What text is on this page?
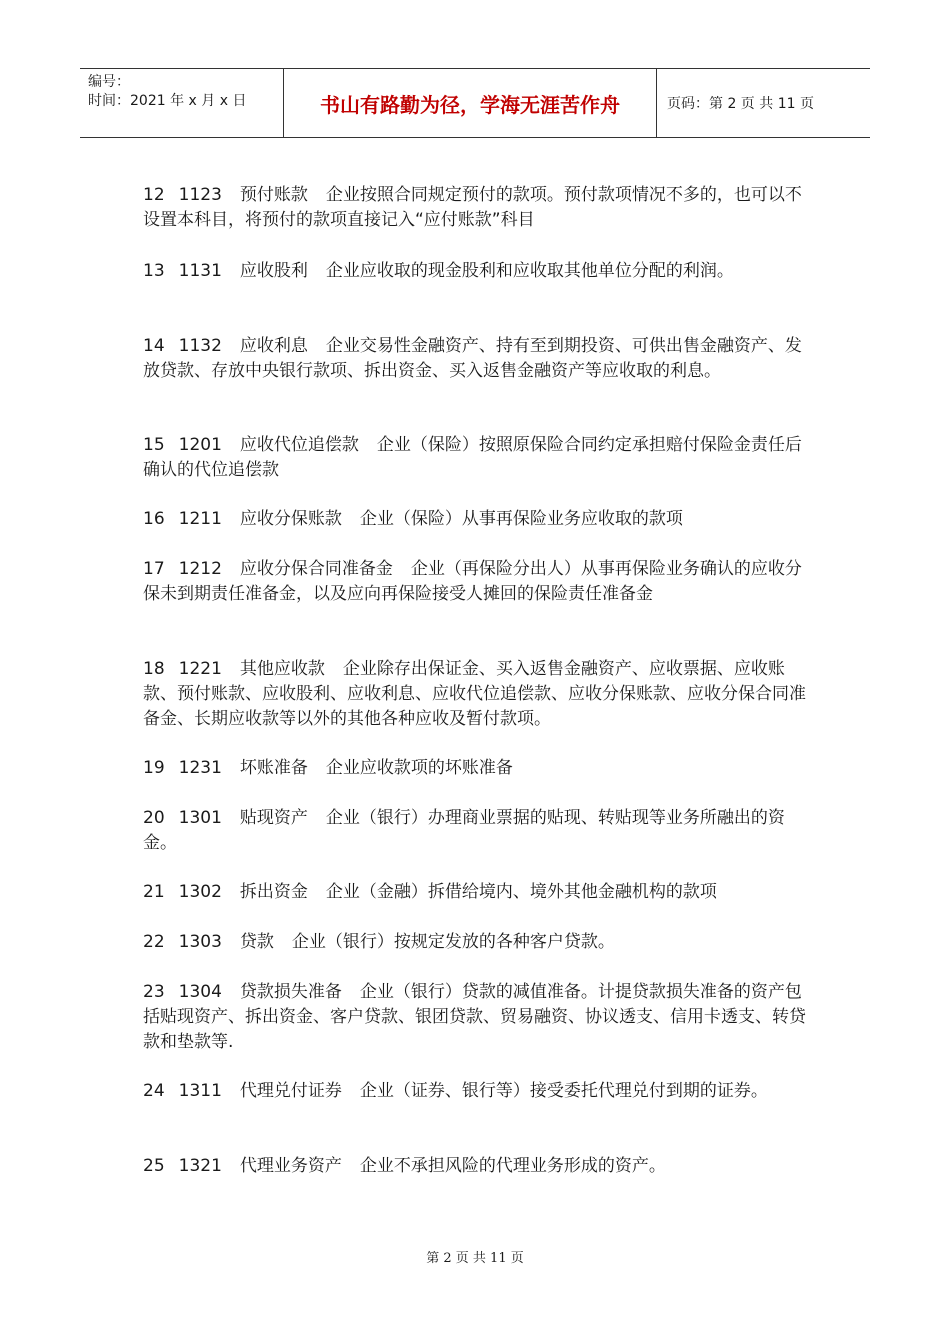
编号：
时间：2021 年 x 月 x 日	书山有路勤为径，学海无涯苦作舟	页码：第 2 页 共 11 页

12 1123 预付账款 企业按照合同规定预付的款项。预付款项情况不多的，也可以不设置本科目，将预付的款项直接记入“应付账款”科目

13 1131 应收股利 企业应收取的现金股利和应收取其他单位分配的利润。

14 1132 应收利息 企业交易性金融资产、持有至到期投资、可供出售金融资产、发放贷款、存放中央银行款项、拆出资金、买入返售金融资产等应收取的利息。

15 1201 应收代位追偿款 企业（保险）按照原保险合同约定承担赔付保险金责任后确认的代位追偿款

16 1211 应收分保账款 企业（保险）从事再保险业务应收取的款项

17 1212 应收分保合同准备金 企业（再保险分出人）从事再保险业务确认的应收分保未到期责任准备金，以及应向再保险接受人摊回的保险责任准备金

18 1221 其他应收款 企业除存出保证金、买入返售金融资产、应收票据、应收账款、预付账款、应收股利、应收利息、应收代位追偿款、应收分保账款、应收分保合同准备金、长期应收款等以外的其他各种应收及暂付款项。

19 1231 坏账准备 企业应收款项的坏账准备

20 1301 贴现资产 企业（银行）办理商业票据的贴现、转贴现等业务所融出的资金。

21 1302 拆出资金 企业（金融）拆借给境内、境外其他金融机构的款项

22 1303 贷款 企业（银行）按规定发放的各种客户贷款。

23 1304 贷款损失准备 企业（银行）贷款的减值准备。计提贷款损失准备的资产包括贴现资产、拆出资金、客户贷款、银团贷款、贸易融资、协议透支、信用卡透支、转贷款和垫款等.

24 1311 代理兑付证券 企业（证券、银行等）接受委托代理兑付到期的证券。

25 1321 代理业务资产 企业不承担风险的代理业务形成的资产。

第 2 页 共 11 页
